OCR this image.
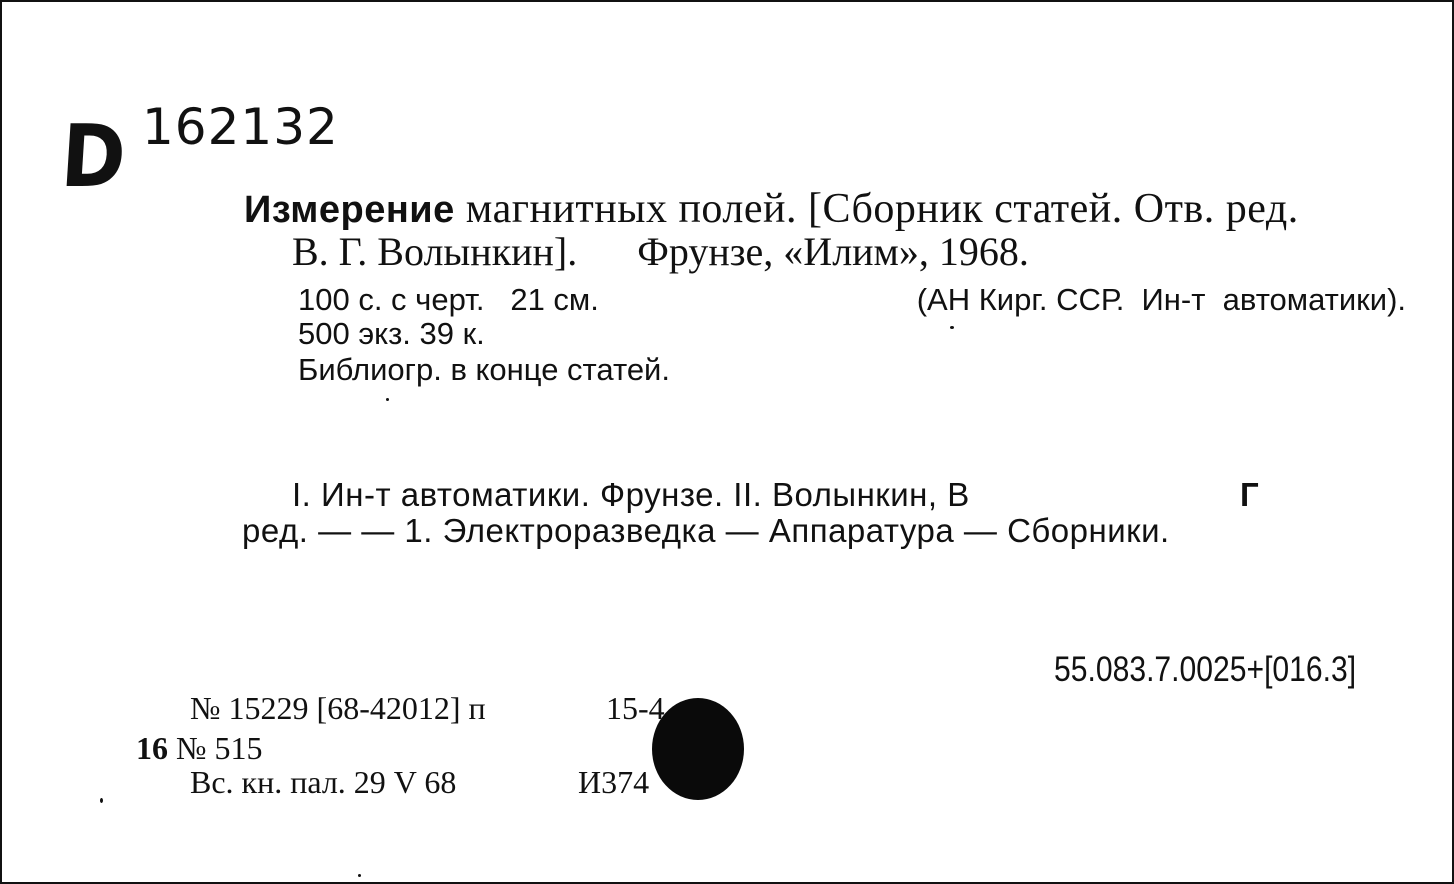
D 162132
Измерение магнитных полей. [Сборник статей. Отв. ред.
В. Г. Волынкин]. Фрунзе, «Илим», 1968.
100 с. с черт.   21 см.	(АН Кирг. ССР.  Ин-т  автоматики).
500 экз. 39 к.
Библиогр. в конце статей.
I. Ин-т автоматики. Фрунзе. II. Волынкин, В	Г
ред. — — 1. Электроразведка — Аппаратура — Сборники.
55.083.7.0025+[016.3]
№ 15229 [68-42012] п	15-4
16 № 515
Вс. кн. пал. 29 V 68	И374
